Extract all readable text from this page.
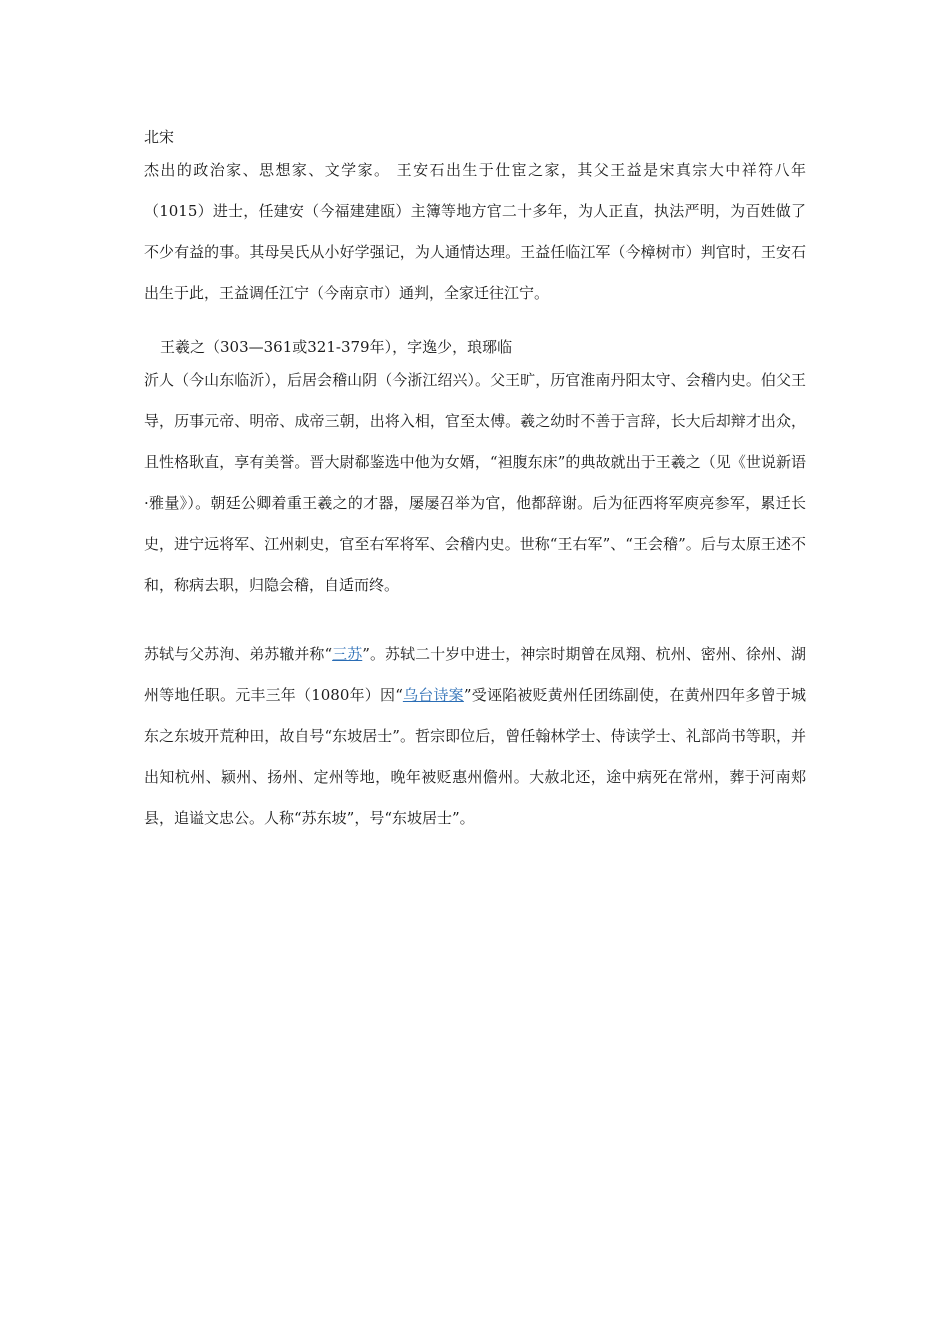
北宋

杰出的政治家、思想家、文学家。 王安石出生于仕宦之家，其父王益是宋真宗大中祥符八年（1015）进士，任建安（今福建建瓯）主簿等地方官二十多年，为人正直，执法严明，为百姓做了不少有益的事。其母吴氏从小好学强记，为人通情达理。王益任临江军（今樟树市）判官时，王安石出生于此，王益调任江宁（今南京市）通判，全家迁往江宁。

王羲之（303—361或321-379年），字逸少，琅琊临

沂人（今山东临沂），后居会稽山阴（今浙江绍兴）。父王旷，历官淮南丹阳太守、会稽内史。伯父王导，历事元帝、明帝、成帝三朝，出将入相，官至太傅。羲之幼时不善于言辞，长大后却辩才出众，且性格耿直，享有美誉。晋大尉郗鉴选中他为女婿，“袒腹东床”的典故就出于王羲之（见《世说新语·雅量》）。朝廷公卿着重王羲之的才器，屡屡召举为官，他都辞谢。后为征西将军庾亮参军，累迁长史，进宁远将军、江州刺史，官至右军将军、会稽内史。世称“王右军”、“王会稽”。后与太原王述不和，称病去职，归隐会稽，自适而终。

苏轼与父苏洵、弟苏辙并称“三苏”。苏轼二十岁中进士，神宗时期曾在凤翔、杭州、密州、徐州、湖州等地任职。元丰三年（1080年）因“乌台诗案”受诬陷被贬黄州任团练副使，在黄州四年多曾于城东之东坡开荒种田，故自号“东坡居士”。哲宗即位后，曾任翰林学士、侍读学士、礼部尚书等职，并出知杭州、颍州、扬州、定州等地，晚年被贬惠州儋州。大赦北还，途中病死在常州，葬于河南郏县，追谥文忠公。人称“苏东坡”，号“东坡居士”。
